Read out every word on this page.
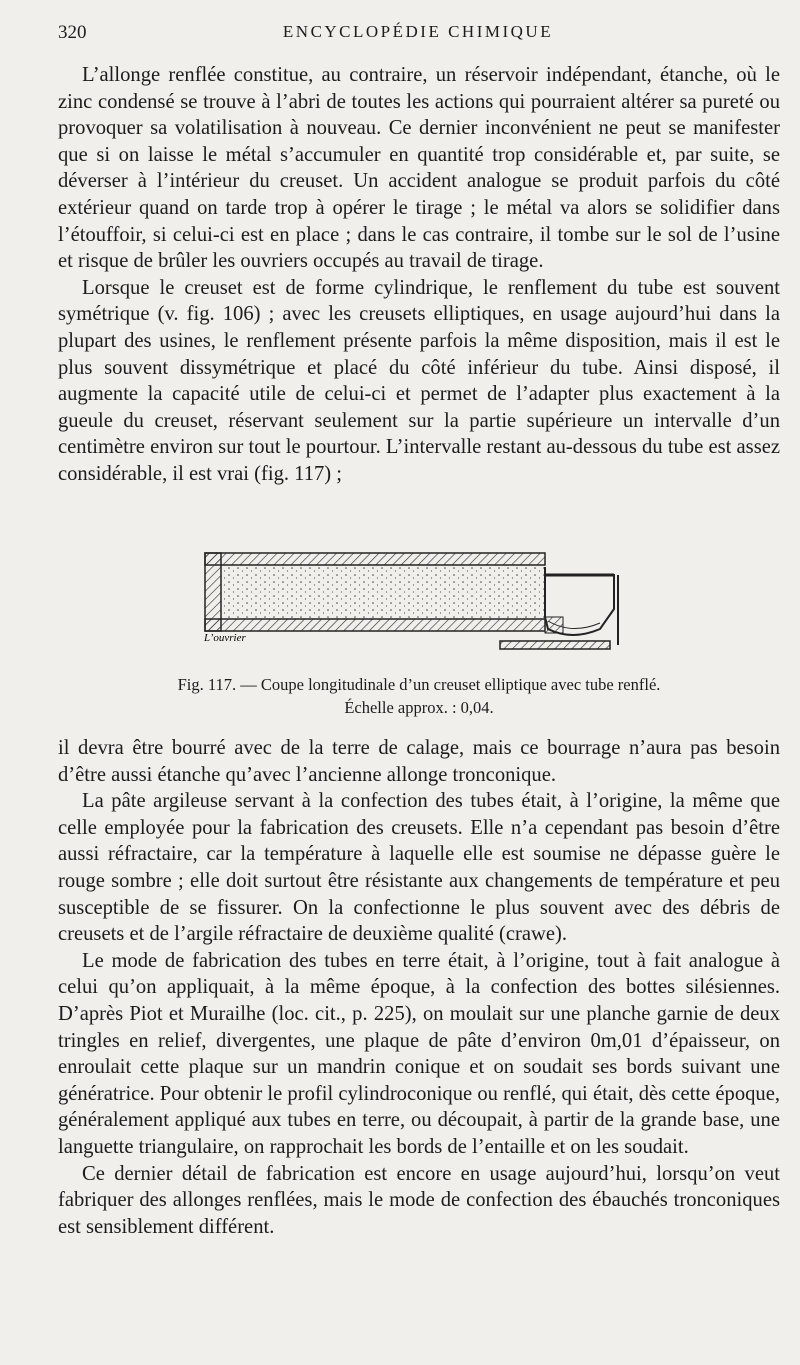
320	ENCYCLOPÉDIE CHIMIQUE

L’allonge renflée constitue, au contraire, un réservoir indépendant, étanche, où le zinc condensé se trouve à l’abri de toutes les actions qui pourraient altérer sa pureté ou provoquer sa volatilisation à nouveau. Ce dernier inconvénient ne peut se manifester que si on laisse le métal s’accumuler en quantité trop considérable et, par suite, se déverser à l’intérieur du creuset. Un accident analogue se produit parfois du côté extérieur quand on tarde trop à opérer le tirage ; le métal va alors se solidifier dans l’étouffoir, si celui-ci est en place ; dans le cas contraire, il tombe sur le sol de l’usine et risque de brûler les ouvriers occupés au travail de tirage.

Lorsque le creuset est de forme cylindrique, le renflement du tube est souvent symétrique (v. fig. 106) ; avec les creusets elliptiques, en usage aujourd’hui dans la plupart des usines, le renflement présente parfois la même disposition, mais il est le plus souvent dissymétrique et placé du côté inférieur du tube. Ainsi disposé, il augmente la capacité utile de celui-ci et permet de l’adapter plus exactement à la gueule du creuset, réservant seulement sur la partie supérieure un intervalle d’un centimètre environ sur tout le pourtour. L’intervalle restant au-dessous du tube est assez considérable, il est vrai (fig. 117) ;

L’ouvrier
Fig. 117. — Coupe longitudinale d’un creuset elliptique avec tube renflé.
Échelle approx. : 0,04.

il devra être bourré avec de la terre de calage, mais ce bourrage n’aura pas besoin d’être aussi étanche qu’avec l’ancienne allonge tronconique.

La pâte argileuse servant à la confection des tubes était, à l’origine, la même que celle employée pour la fabrication des creusets. Elle n’a cependant pas besoin d’être aussi réfractaire, car la température à laquelle elle est soumise ne dépasse guère le rouge sombre ; elle doit surtout être résistante aux changements de température et peu susceptible de se fissurer. On la confectionne le plus souvent avec des débris de creusets et de l’argile réfractaire de deuxième qualité (crawe).

Le mode de fabrication des tubes en terre était, à l’origine, tout à fait analogue à celui qu’on appliquait, à la même époque, à la confection des bottes silésiennes. D’après Piot et Murailhe (loc. cit., p. 225), on moulait sur une planche garnie de deux tringles en relief, divergentes, une plaque de pâte d’environ 0m,01 d’épaisseur, on enroulait cette plaque sur un mandrin conique et on soudait ses bords suivant une génératrice. Pour obtenir le profil cylindroconique ou renflé, qui était, dès cette époque, généralement appliqué aux tubes en terre, ou découpait, à partir de la grande base, une languette triangulaire, on rapprochait les bords de l’entaille et on les soudait.

Ce dernier détail de fabrication est encore en usage aujourd’hui, lorsqu’on veut fabriquer des allonges renflées, mais le mode de confection des ébauchés tronconiques est sensiblement différent.
